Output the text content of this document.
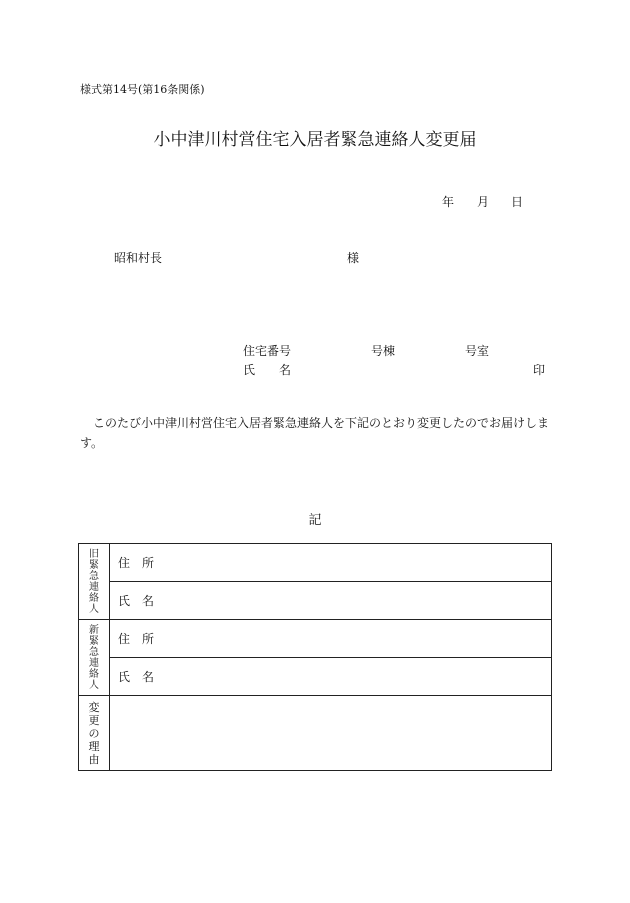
様式第14号(第16条関係)
小中津川村営住宅入居者緊急連絡人変更届
年 月 日
昭和村長	様
住宅番号	号棟	号室
氏　　名	印
このたび小中津川村営住宅入居者緊急連絡人を下記のとおり変更したのでお届けします。
記
旧緊急連絡人	住　所
	氏　名
新緊急連絡人	住　所
	氏　名
変更の理由	
